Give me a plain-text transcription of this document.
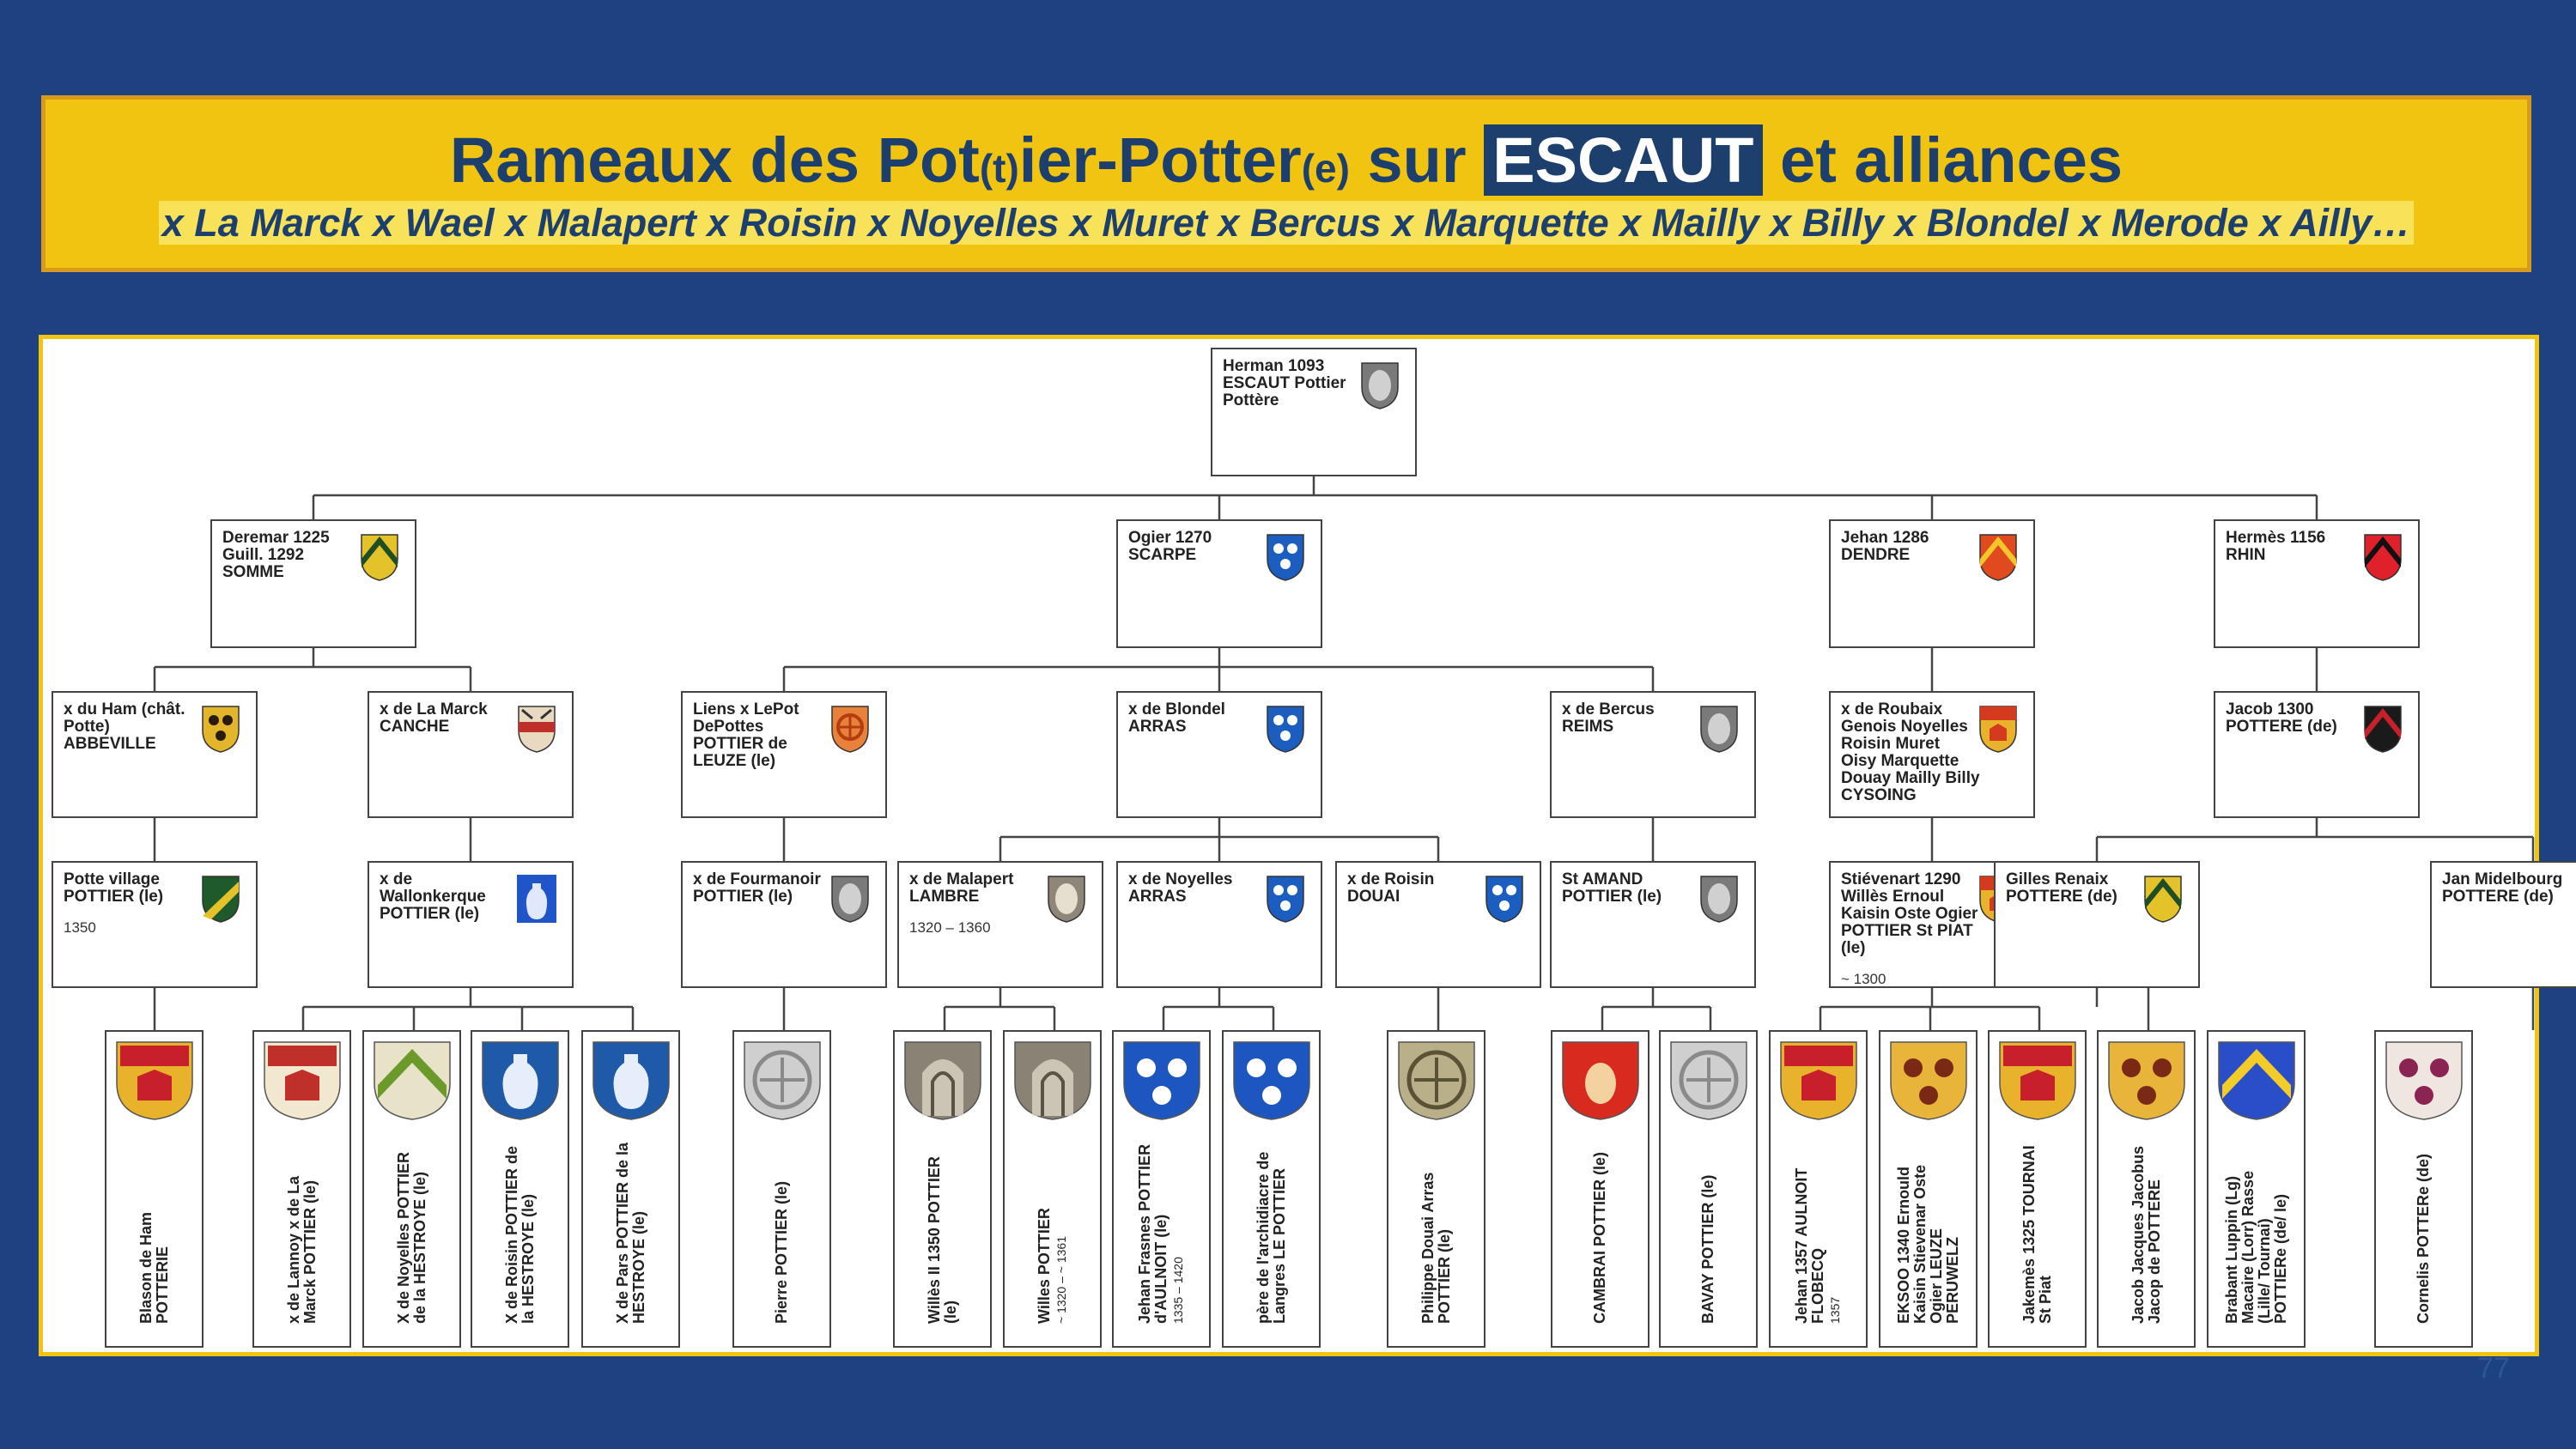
Rameaux des Pot(t)ier-Potter(e) sur ESCAUT et alliances
x La Marck x Wael x Malapert x Roisin x Noyelles x Muret x Bercus x Marquette x Mailly x Billy x Blondel x Merode x Ailly…
Herman 1093
ESCAUT Pottier
Pottère
Deremar 1225
Guill. 1292
SOMME
Ogier 1270
SCARPE
Jehan 1286
DENDRE
Hermès 1156
RHIN
x du Ham (chât.
Potte)
ABBEVILLE
x de La Marck
CANCHE
Liens x LePot
DePottes
POTTIER de
LEUZE (le)
x de Blondel
ARRAS
x de Bercus
REIMS
x de Roubaix
Genois Noyelles
Roisin Muret
Oisy Marquette
Douay Mailly Billy
CYSOING
Jacob 1300
POTTERE (de)
Potte village
POTTIER (le)
1350
x de
Wallonkerque
POTTIER (le)
x de Fourmanoir
POTTIER (le)
x de Malapert
LAMBRE
1320 – 1360
x de Noyelles
ARRAS
x de Roisin
DOUAI
St AMAND
POTTIER (le)
Stiévenart 1290
Willès Ernoul
Kaisin Oste Ogier
POTTIER St PIAT
(le)
~ 1300
Gilles Renaix
POTTERE (de)
Jan Midelbourg
POTTERE (de)
Blason de Ham
POTTERIE	x de Lannoy x de La
Marck POTTIER (le)
X de Noyelles POTTIER
de la HESTROYE (le)
X de Roisin POTTIER de
la HESTROYE (le)
X de Pars POTTIER de la
HESTROYE (le)	Pierre POTTIER (le)	Willès II 1350 POTTIER
(le)	Willes POTTIER ~ 1320 – ~ 1361	Jehan Frasnes POTTIER
d'AULNOIT (le)
1335 – 1420	père de l'archidiacre de
Langres LE POTTIER
Philippe Douai Arras
POTTIER (le)	CAMBRAI POTTIER (le)	BAVAY POTTIER (le)	Jehan 1357 AULNOIT
FLOBECQ 1357	EKSOO 1340 Ernould
Kaisin Stievenar Oste
Ogier LEUZE
PERUWELZ	Jakemès 1325 TOURNAI
St Piat	Jacob Jacques Jacobus
Jacop de POTTERE
Brabant Luppin (Lg)
Macaire (Lorr) Rasse
(Lille/ Tournai)
POTTIERe (de/ le)	Cornelis POTTERe (de)
77
